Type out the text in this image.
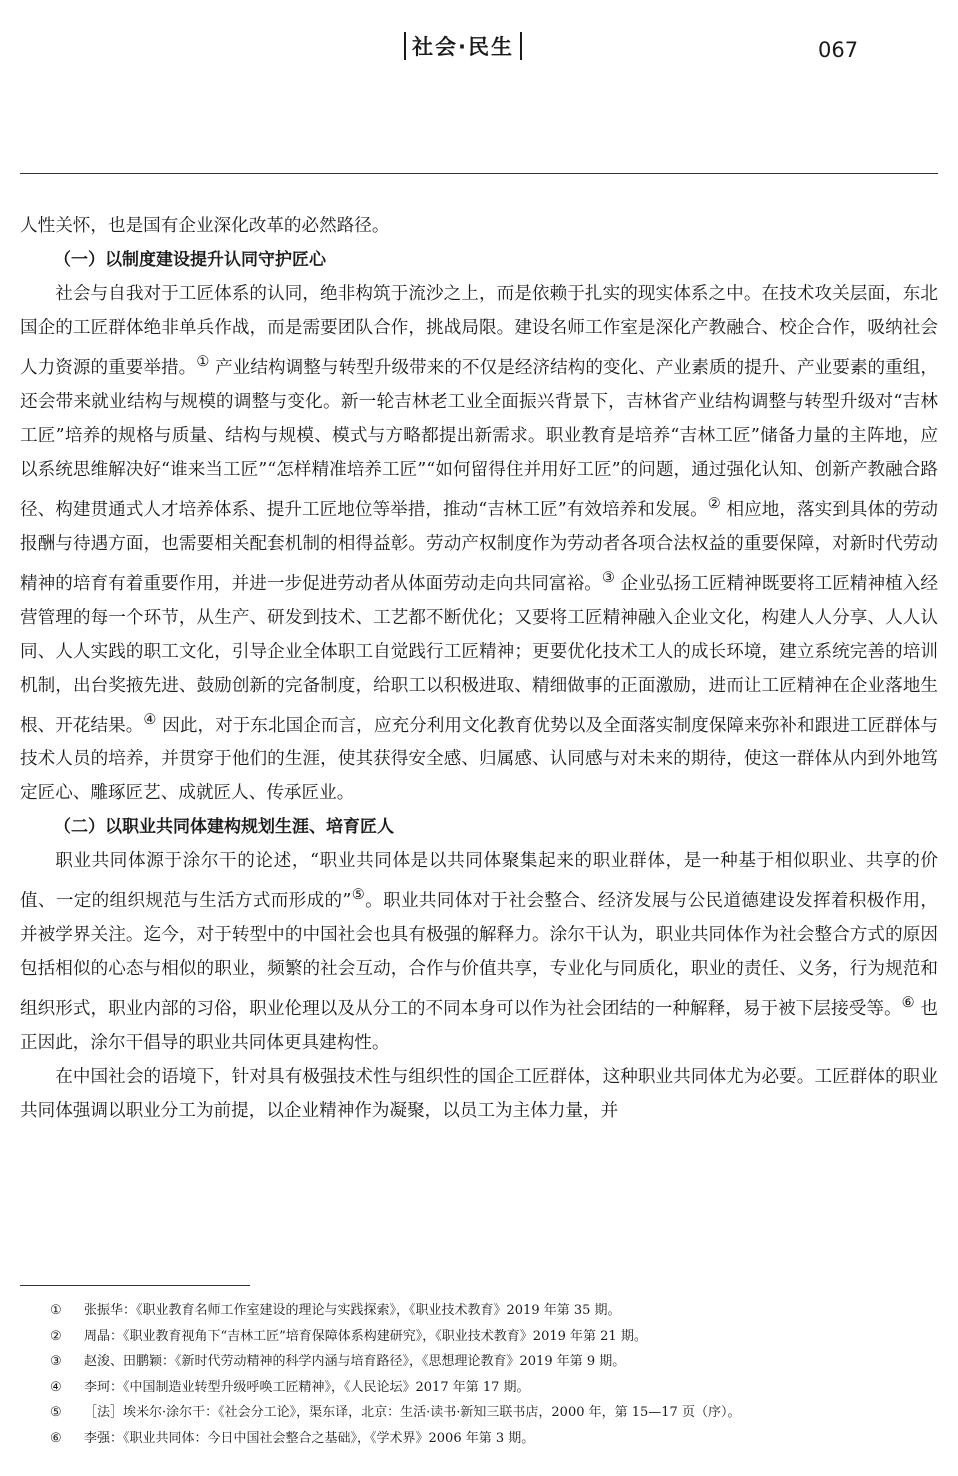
社会·民生	067

人性关怀，也是国有企业深化改革的必然路径。

（一）以制度建设提升认同守护匠心

社会与自我对于工匠体系的认同，绝非构筑于流沙之上，而是依赖于扎实的现实体系之中。在技术攻关层面，东北国企的工匠群体绝非单兵作战，而是需要团队合作，挑战局限。建设名师工作室是深化产教融合、校企合作，吸纳社会人力资源的重要举措。① 产业结构调整与转型升级带来的不仅是经济结构的变化、产业素质的提升、产业要素的重组，还会带来就业结构与规模的调整与变化。新一轮吉林老工业全面振兴背景下，吉林省产业结构调整与转型升级对“吉林工匠”培养的规格与质量、结构与规模、模式与方略都提出新需求。职业教育是培养“吉林工匠”储备力量的主阵地，应以系统思维解决好“谁来当工匠”“怎样精准培养工匠”“如何留得住并用好工匠”的问题，通过强化认知、创新产教融合路径、构建贯通式人才培养体系、提升工匠地位等举措，推动“吉林工匠”有效培养和发展。② 相应地，落实到具体的劳动报酬与待遇方面，也需要相关配套机制的相得益彰。劳动产权制度作为劳动者各项合法权益的重要保障，对新时代劳动精神的培育有着重要作用，并进一步促进劳动者从体面劳动走向共同富裕。③ 企业弘扬工匠精神既要将工匠精神植入经营管理的每一个环节，从生产、研发到技术、工艺都不断优化；又要将工匠精神融入企业文化，构建人人分享、人人认同、人人实践的职工文化，引导企业全体职工自觉践行工匠精神；更要优化技术工人的成长环境，建立系统完善的培训机制，出台奖掖先进、鼓励创新的完备制度，给职工以积极进取、精细做事的正面激励，进而让工匠精神在企业落地生根、开花结果。④ 因此，对于东北国企而言，应充分利用文化教育优势以及全面落实制度保障来弥补和跟进工匠群体与技术人员的培养，并贯穿于他们的生涯，使其获得安全感、归属感、认同感与对未来的期待，使这一群体从内到外地笃定匠心、雕琢匠艺、成就匠人、传承匠业。

（二）以职业共同体建构规划生涯、培育匠人

职业共同体源于涂尔干的论述，“职业共同体是以共同体聚集起来的职业群体，是一种基于相似职业、共享的价值、一定的组织规范与生活方式而形成的”⑤。职业共同体对于社会整合、经济发展与公民道德建设发挥着积极作用，并被学界关注。迄今，对于转型中的中国社会也具有极强的解释力。涂尔干认为，职业共同体作为社会整合方式的原因包括相似的心态与相似的职业，频繁的社会互动，合作与价值共享，专业化与同质化，职业的责任、义务，行为规范和组织形式，职业内部的习俗，职业伦理以及从分工的不同本身可以作为社会团结的一种解释，易于被下层接受等。⑥ 也正因此，涂尔干倡导的职业共同体更具建构性。

在中国社会的语境下，针对具有极强技术性与组织性的国企工匠群体，这种职业共同体尤为必要。工匠群体的职业共同体强调以职业分工为前提，以企业精神作为凝聚，以员工为主体力量，并

①	张振华：《职业教育名师工作室建设的理论与实践探索》，《职业技术教育》2019 年第 35 期。
②	周晶：《职业教育视角下“吉林工匠”培育保障体系构建研究》，《职业技术教育》2019 年第 21 期。
③	赵浚、田鹏颖：《新时代劳动精神的科学内涵与培育路径》，《思想理论教育》2019 年第 9 期。
④	李珂：《中国制造业转型升级呼唤工匠精神》，《人民论坛》2017 年第 17 期。
⑤	［法］埃米尔·涂尔干：《社会分工论》，渠东译，北京：生活·读书·新知三联书店，2000 年，第 15—17 页（序）。
⑥	李强：《职业共同体：今日中国社会整合之基础》，《学术界》2006 年第 3 期。
